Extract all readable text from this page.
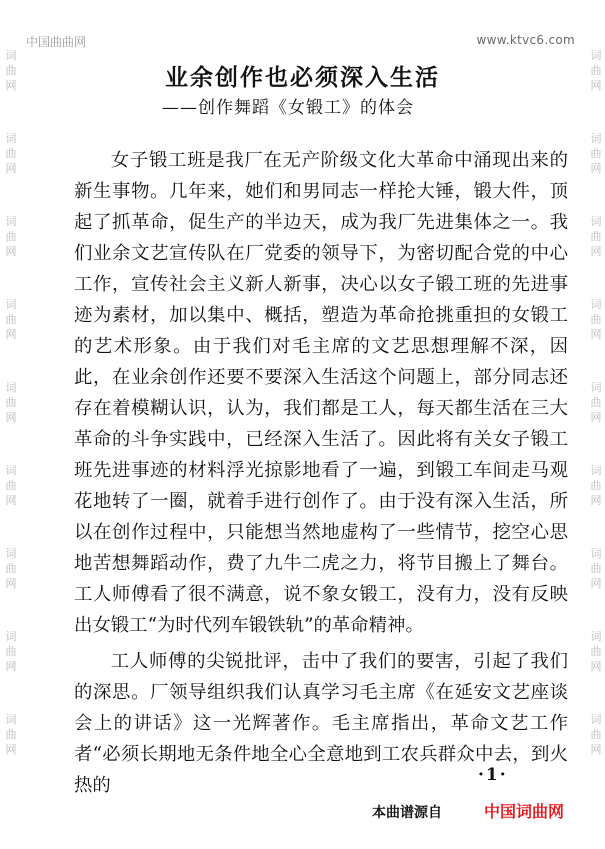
中国曲曲网	www.ktvc6.com
词
曲
网
词
曲
网
词
曲
网
词
曲
网
词
曲
网
词
曲
网
词
曲
网
词
曲
网
词
曲
网
词
曲
网
词
曲
网
词
曲
网
词
曲
网
词
曲
网
词
曲
网
词
曲
网
词
曲
网
词
曲
网
业余创作也必须深入生活
——创作舞蹈《女锻工》的体会

女子锻工班是我厂在无产阶级文化大革命中涌现出来的新生事物。几年来，她们和男同志一样抡大锤，锻大件，顶起了抓革命，促生产的半边天，成为我厂先进集体之一。我们业余文艺宣传队在厂党委的领导下，为密切配合党的中心工作，宣传社会主义新人新事，决心以女子锻工班的先进事迹为素材，加以集中、概括，塑造为革命抢挑重担的女锻工的艺术形象。由于我们对毛主席的文艺思想理解不深，因此，在业余创作还要不要深入生活这个问题上，部分同志还存在着模糊认识，认为，我们都是工人，每天都生活在三大革命的斗争实践中，已经深入生活了。因此将有关女子锻工班先进事迹的材料浮光掠影地看了一遍，到锻工车间走马观花地转了一圈，就着手进行创作了。由于没有深入生活，所以在创作过程中，只能想当然地虚构了一些情节，挖空心思地苦想舞蹈动作，费了九牛二虎之力，将节目搬上了舞台。工人师傅看了很不满意，说不象女锻工，没有力，没有反映出女锻工“为时代列车锻铁轨”的革命精神。

工人师傅的尖锐批评，击中了我们的要害，引起了我们的深思。厂领导组织我们认真学习毛主席《在延安文艺座谈会上的讲话》这一光辉著作。毛主席指出，革命文艺工作者“必须长期地无条件地全心全意地到工农兵群众中去，到火热的	·1·
本曲谱源自	中国词曲网
